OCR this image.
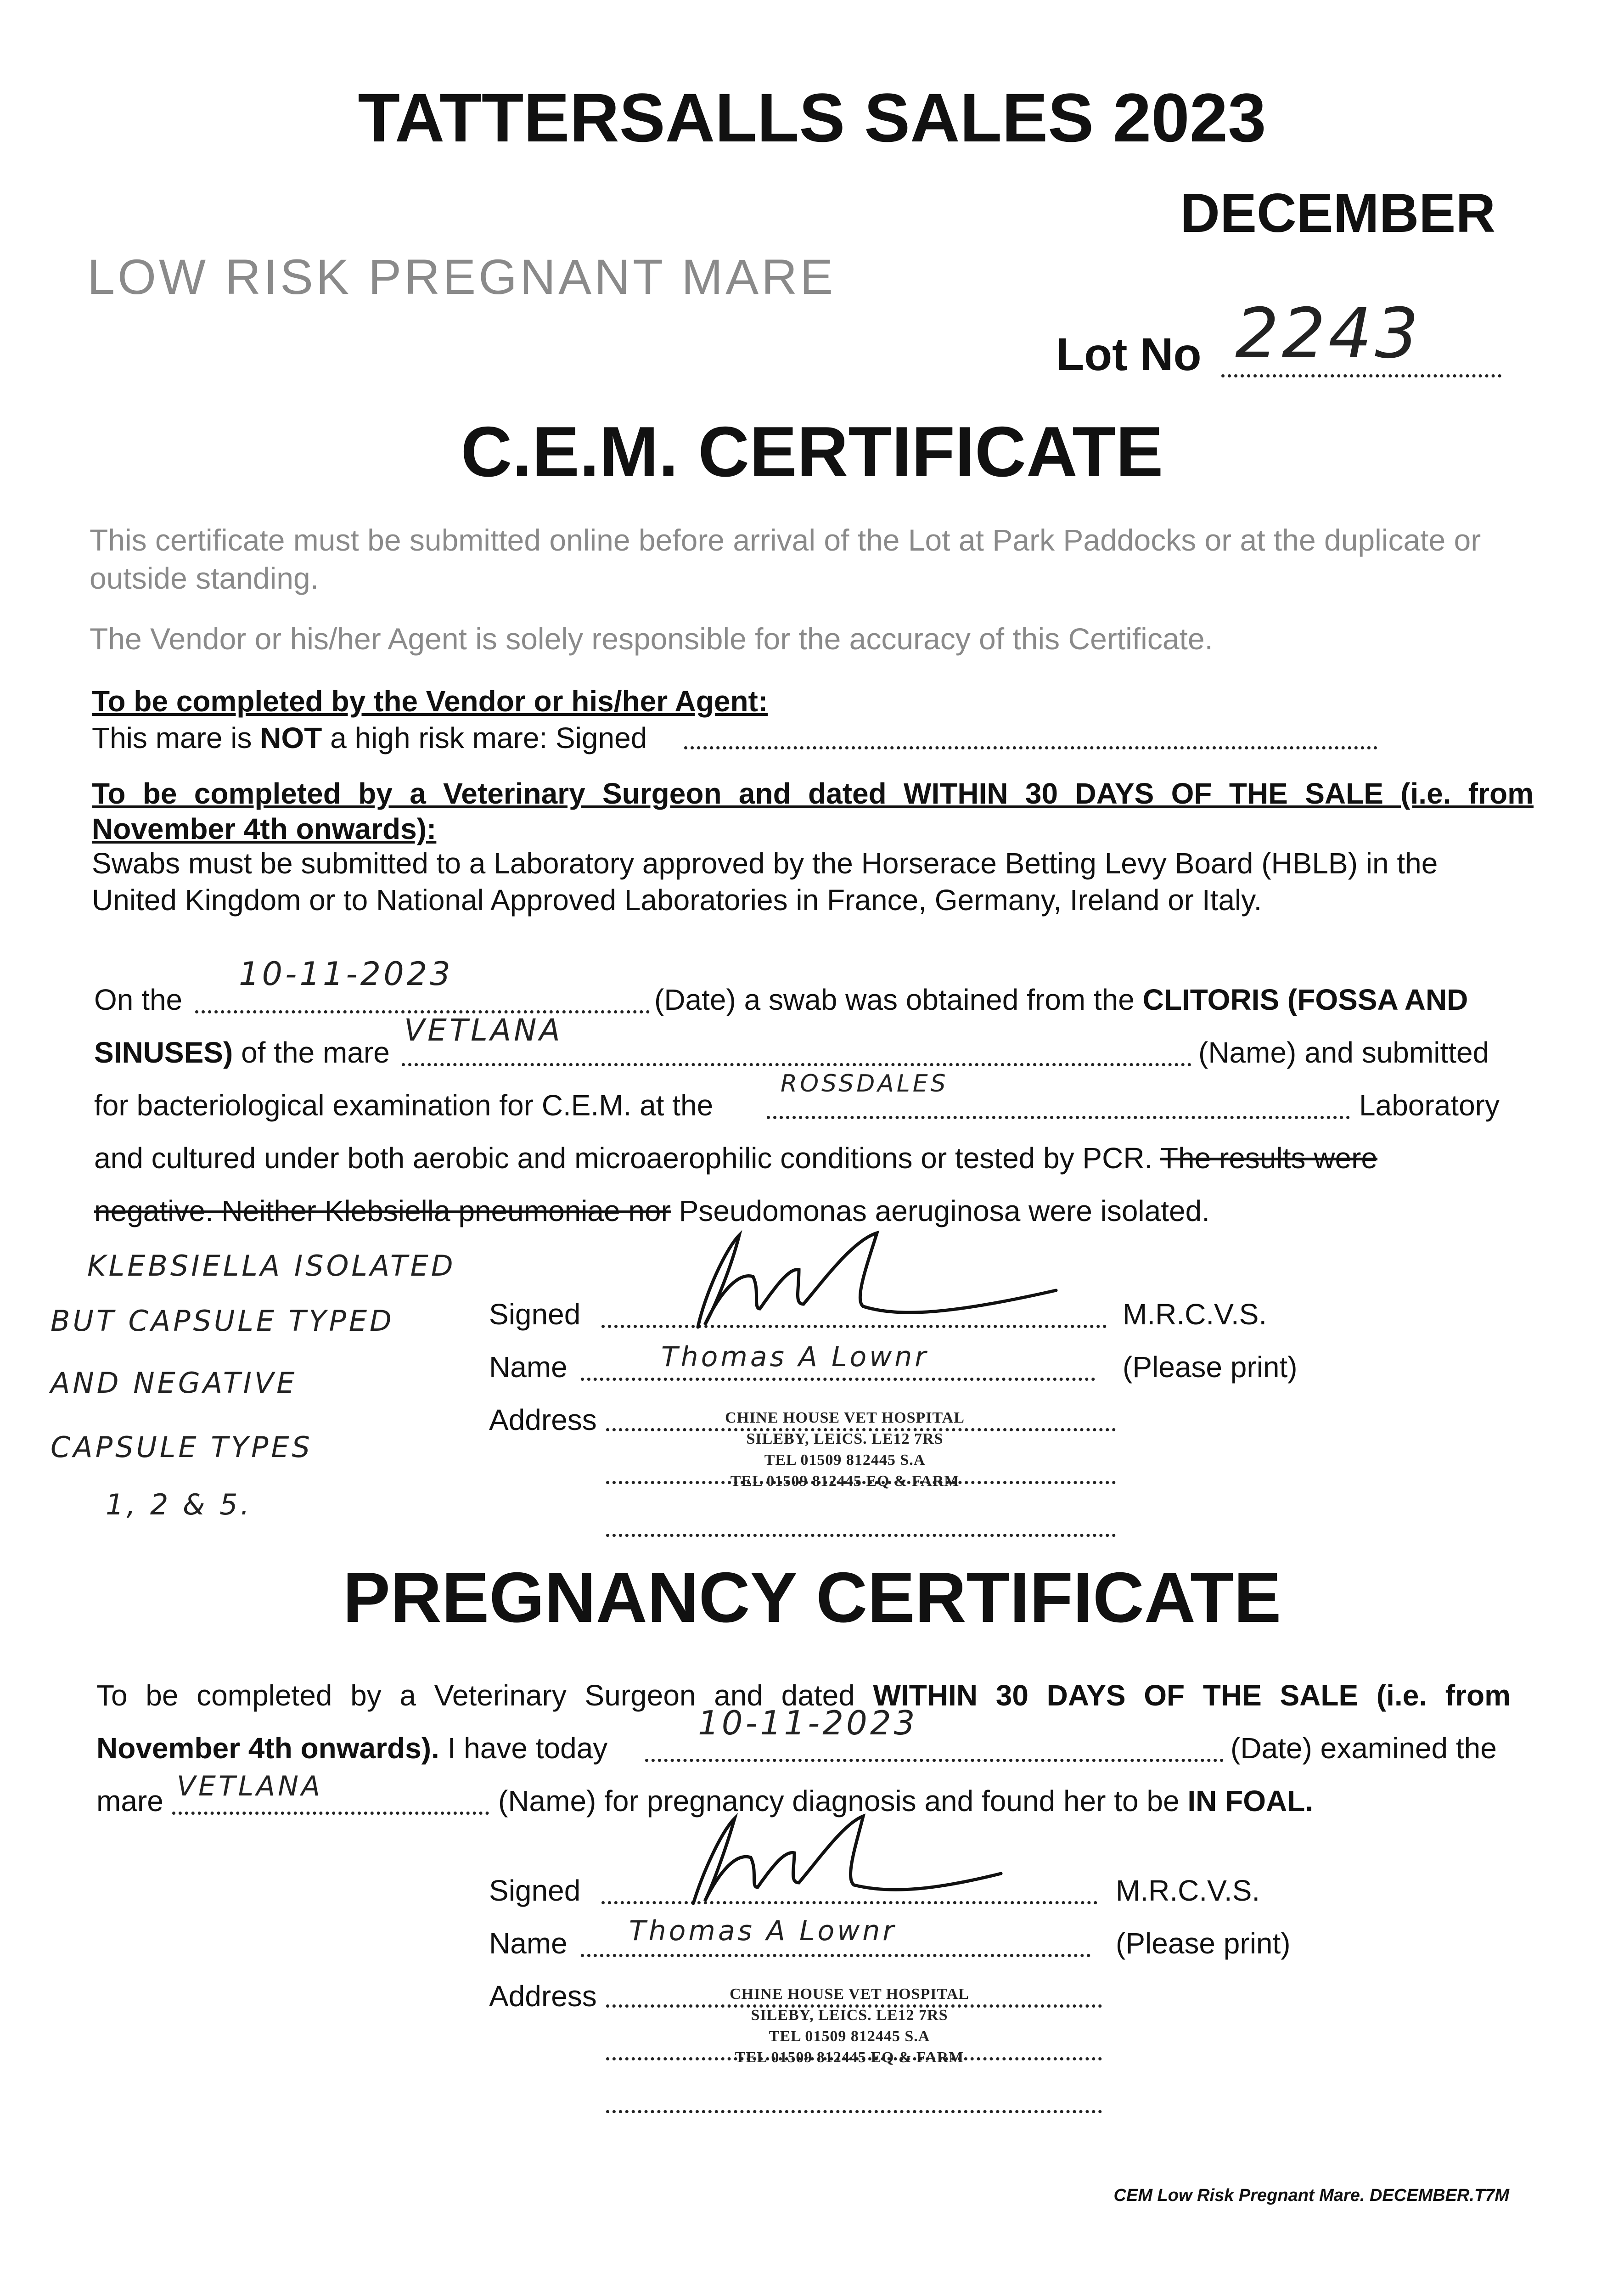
TATTERSALLS SALES 2023
DECEMBER
LOW RISK PREGNANT MARE
Lot No 2243
C.E.M. CERTIFICATE
This certificate must be submitted online before arrival of the Lot at Park Paddocks or at the duplicate or outside standing.
The Vendor or his/her Agent is solely responsible for the accuracy of this Certificate.
To be completed by the Vendor or his/her Agent:
This mare is NOT a high risk mare: Signed
To be completed by a Veterinary Surgeon and dated WITHIN 30 DAYS OF THE SALE (i.e. from November 4th onwards):
Swabs must be submitted to a Laboratory approved by the Horserace Betting Levy Board (HBLB) in the United Kingdom or to National Approved Laboratories in France, Germany, Ireland or Italy.
On the
10-11-2023
(Date) a swab was obtained from the CLITORIS (FOSSA AND
SINUSES) of the mare
VETLANA
(Name) and submitted
for bacteriological examination for C.E.M. at the
ROSSDALES
Laboratory
and cultured under both aerobic and microaerophilic conditions or tested by PCR. The results were
negative. Neither Klebsiella pneumoniae nor Pseudomonas aeruginosa were isolated.
KLEBSIELLA ISOLATED
BUT CAPSULE TYPED
AND NEGATIVE
CAPSULE TYPES
1, 2 & 5.
Signed	M.R.C.V.S.
Name	Thomas A Lownr	(Please print)
Address	CHINE HOUSE VET HOSPITAL
SILEBY, LEICS. LE12 7RS
TEL 01509 812445 S.A
TEL 01509 812445 EQ & FARM
PREGNANCY CERTIFICATE
To be completed by a Veterinary Surgeon and dated WITHIN 30 DAYS OF THE SALE (i.e. from
November 4th onwards). I have today
10-11-2023
(Date) examined the
mare VETLANA	(Name) for pregnancy diagnosis and found her to be IN FOAL.
Signed	M.R.C.V.S.
Name Thomas A Lownr	(Please print)
Address	CHINE HOUSE VET HOSPITAL
SILEBY, LEICS. LE12 7RS
TEL 01509 812445 S.A
TEL 01509 812445 EQ & FARM
CEM Low Risk Pregnant Mare. DECEMBER.T7M
